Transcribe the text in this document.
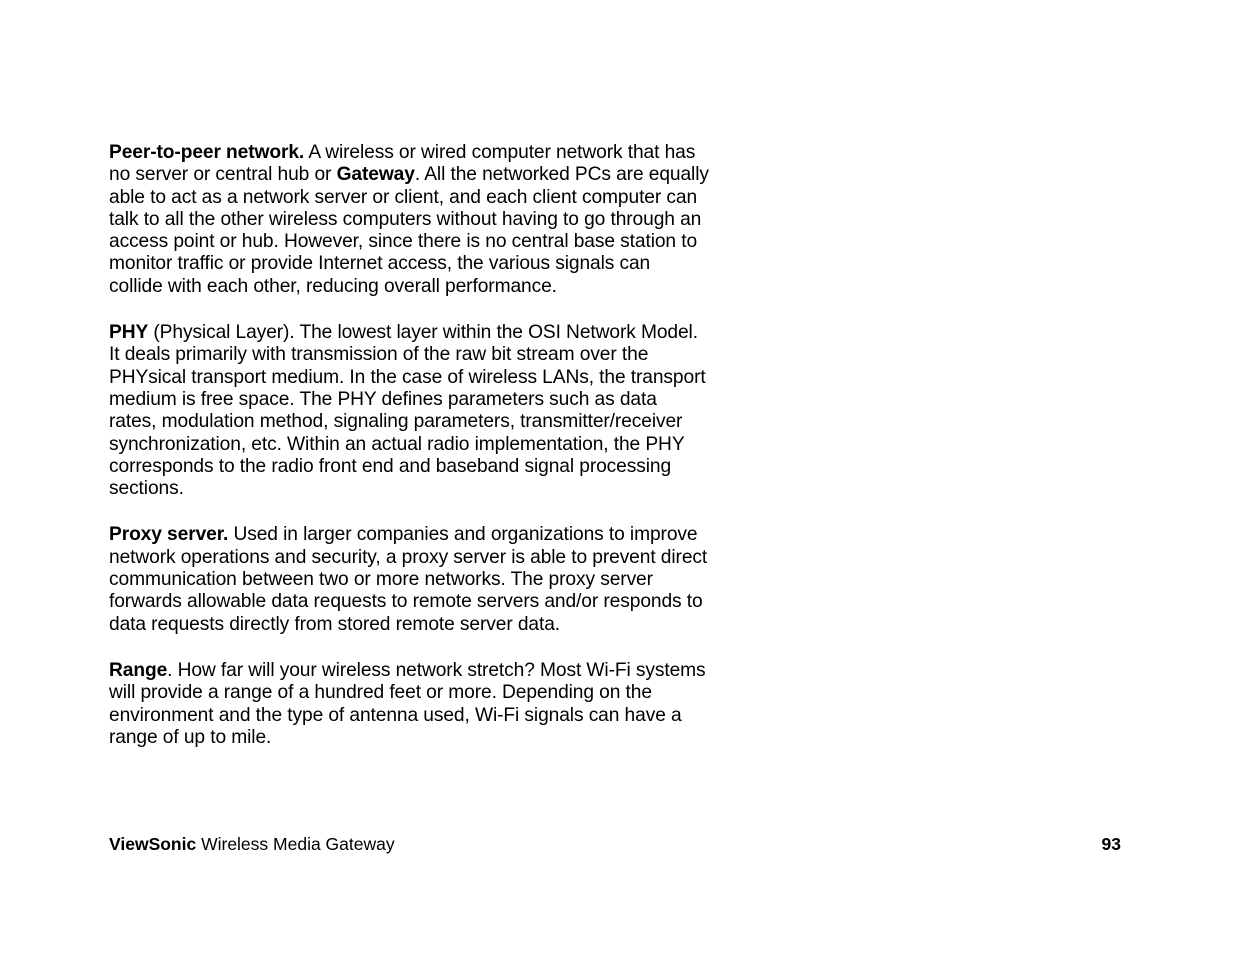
Peer-to-peer network. A wireless or wired computer network that has no server or central hub or Gateway. All the networked PCs are equally able to act as a network server or client, and each client computer can talk to all the other wireless computers without having to go through an access point or hub. However, since there is no central base station to monitor traffic or provide Internet access, the various signals can collide with each other, reducing overall performance.

PHY (Physical Layer). The lowest layer within the OSI Network Model. It deals primarily with transmission of the raw bit stream over the PHYsical transport medium. In the case of wireless LANs, the transport medium is free space. The PHY defines parameters such as data rates, modulation method, signaling parameters, transmitter/receiver synchronization, etc. Within an actual radio implementation, the PHY corresponds to the radio front end and baseband signal processing sections.

Proxy server. Used in larger companies and organizations to improve network operations and security, a proxy server is able to prevent direct communication between two or more networks. The proxy server forwards allowable data requests to remote servers and/or responds to data requests directly from stored remote server data.

Range. How far will your wireless network stretch? Most Wi-Fi systems will provide a range of a hundred feet or more. Depending on the environment and the type of antenna used, Wi-Fi signals can have a range of up to mile.

ViewSonic Wireless Media Gateway	93
